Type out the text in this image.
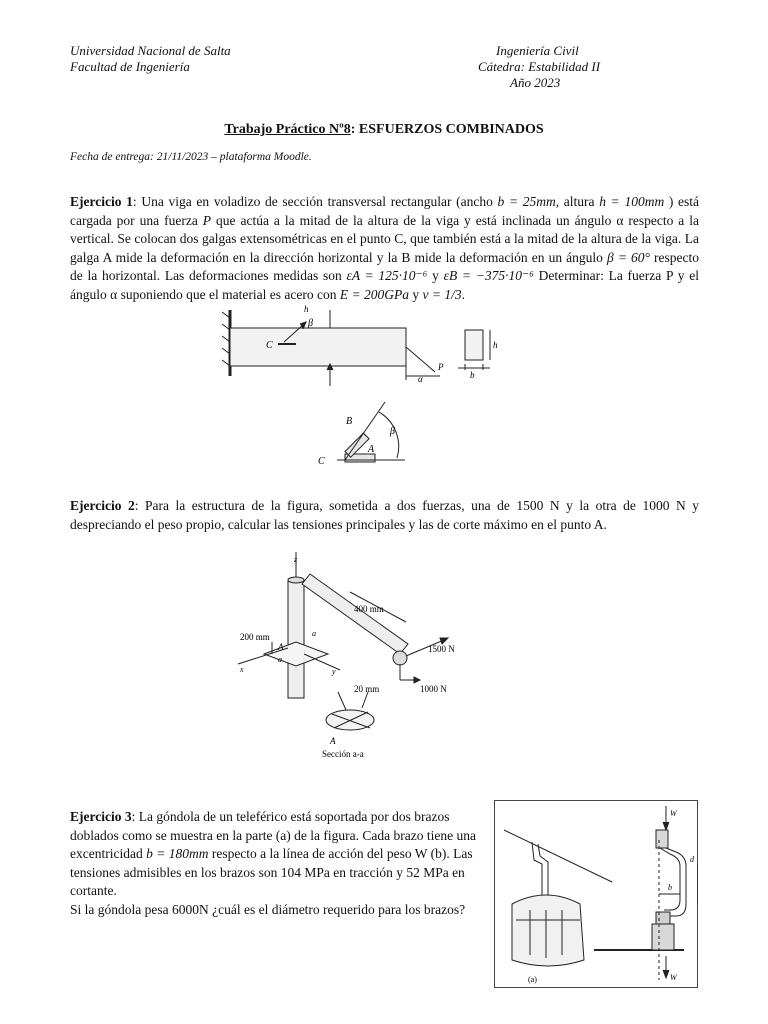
Universidad Nacional de Salta
Facultad de Ingeniería
Ingeniería Civil
Cátedra: Estabilidad II
Año 2023
Trabajo Práctico Nº8: ESFUERZOS COMBINADOS
Fecha de entrega: 21/11/2023 – plataforma Moodle.
Ejercicio 1: Una viga en voladizo de sección transversal rectangular (ancho b = 25mm, altura h = 100mm ) está cargada por una fuerza P que actúa a la mitad de la altura de la viga y está inclinada un ángulo α respecto a la vertical. Se colocan dos galgas extensométricas en el punto C, que también está a la mitad de la altura de la viga. La galga A mide la deformación en la dirección horizontal y la B mide la deformación en un ángulo β = 60° respecto de la horizontal. Las deformaciones medidas son εA = 125·10⁻⁶ y εB = −375·10⁻⁶ Determinar: La fuerza P y el ángulo α suponiendo que el material es acero con E = 200GPa y ν = 1/3.
h
β
C
P
α	b
h
B
A
β
C
Ejercicio 2: Para la estructura de la figura, sometida a dos fuerzas, una de 1500 N y la otra de 1000 N y despreciando el peso propio, calcular las tensiones principales y las de corte máximo en el punto A.
z
400 mm
200 mm	a
a
A
x	y
1500 N
1000 N
20 mm
A
Sección a-a
Ejercicio 3: La góndola de un teleférico está soportada por dos brazos doblados como se muestra en la parte (a) de la figura. Cada brazo tiene una excentricidad b = 180mm respecto a la línea de acción del peso W (b). Las tensiones admisibles en los brazos son 104 MPa en tracción y 52 MPa en cortante.
Si la góndola pesa 6000N ¿cuál es el diámetro requerido para los brazos?
W
d
b
W
(a)
